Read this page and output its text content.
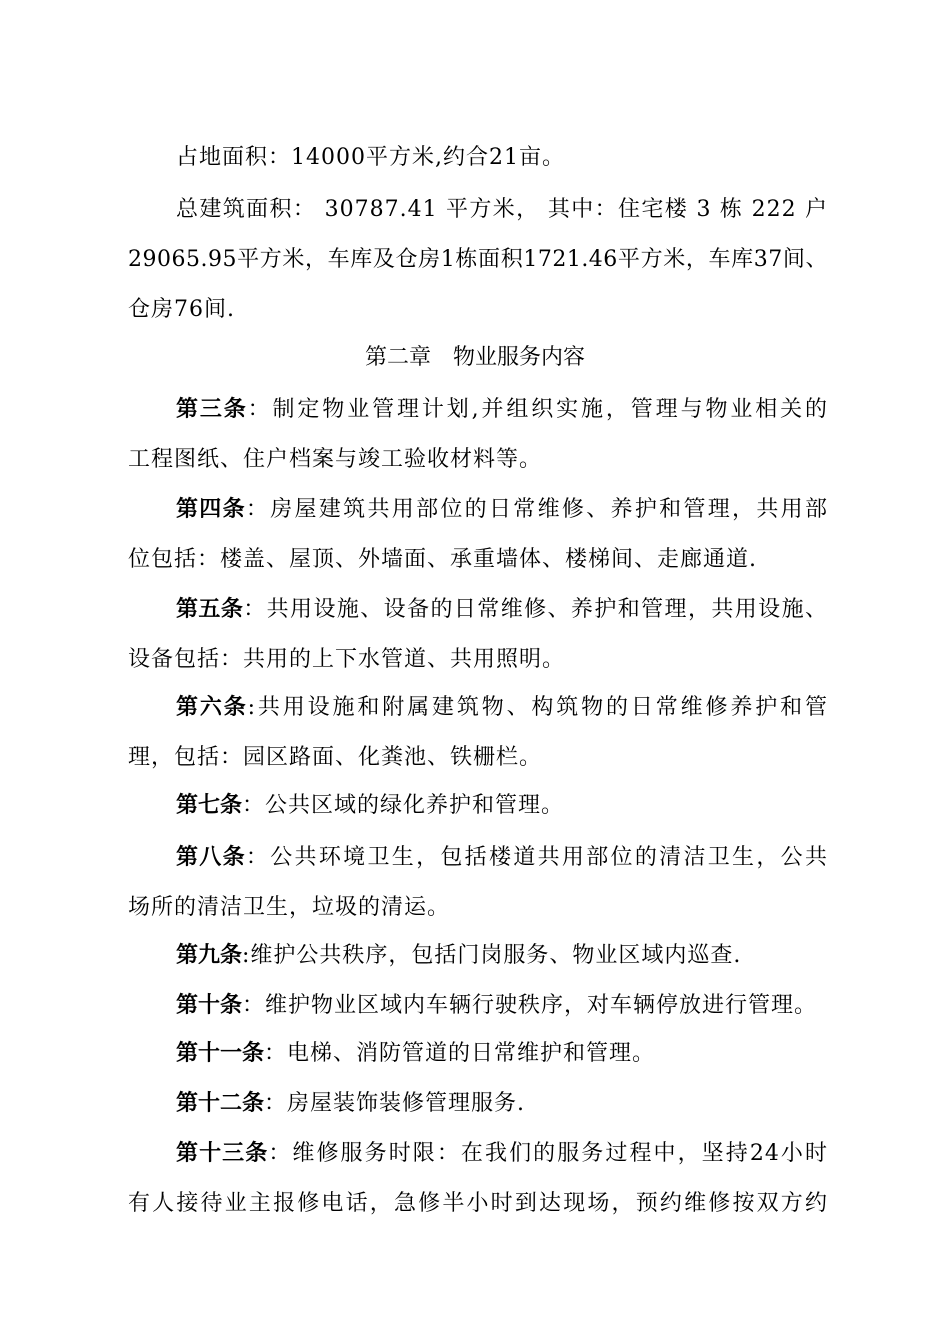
占地面积：14000平方米,约合21亩。
总建筑面积： 30787.41 平方米， 其中：住宅楼 3 栋 222 户
29065.95平方米，车库及仓房1栋面积1721.46平方米，车库37间、
仓房76间.
第二章　物业服务内容
第三条：制定物业管理计划,并组织实施，管理与物业相关的
工程图纸、住户档案与竣工验收材料等。
第四条：房屋建筑共用部位的日常维修、养护和管理，共用部
位包括：楼盖、屋顶、外墙面、承重墙体、楼梯间、走廊通道.
第五条：共用设施、设备的日常维修、养护和管理，共用设施、
设备包括：共用的上下水管道、共用照明。
第六条:共用设施和附属建筑物、构筑物的日常维修养护和管
理，包括：园区路面、化粪池、铁栅栏。
第七条：公共区域的绿化养护和管理。
第八条：公共环境卫生，包括楼道共用部位的清洁卫生，公共
场所的清洁卫生，垃圾的清运。
第九条:维护公共秩序，包括门岗服务、物业区域内巡查.
第十条：维护物业区域内车辆行驶秩序，对车辆停放进行管理。
第十一条：电梯、消防管道的日常维护和管理。
第十二条：房屋装饰装修管理服务.
第十三条：维修服务时限：在我们的服务过程中，坚持24小时
有人接待业主报修电话，急修半小时到达现场，预约维修按双方约
